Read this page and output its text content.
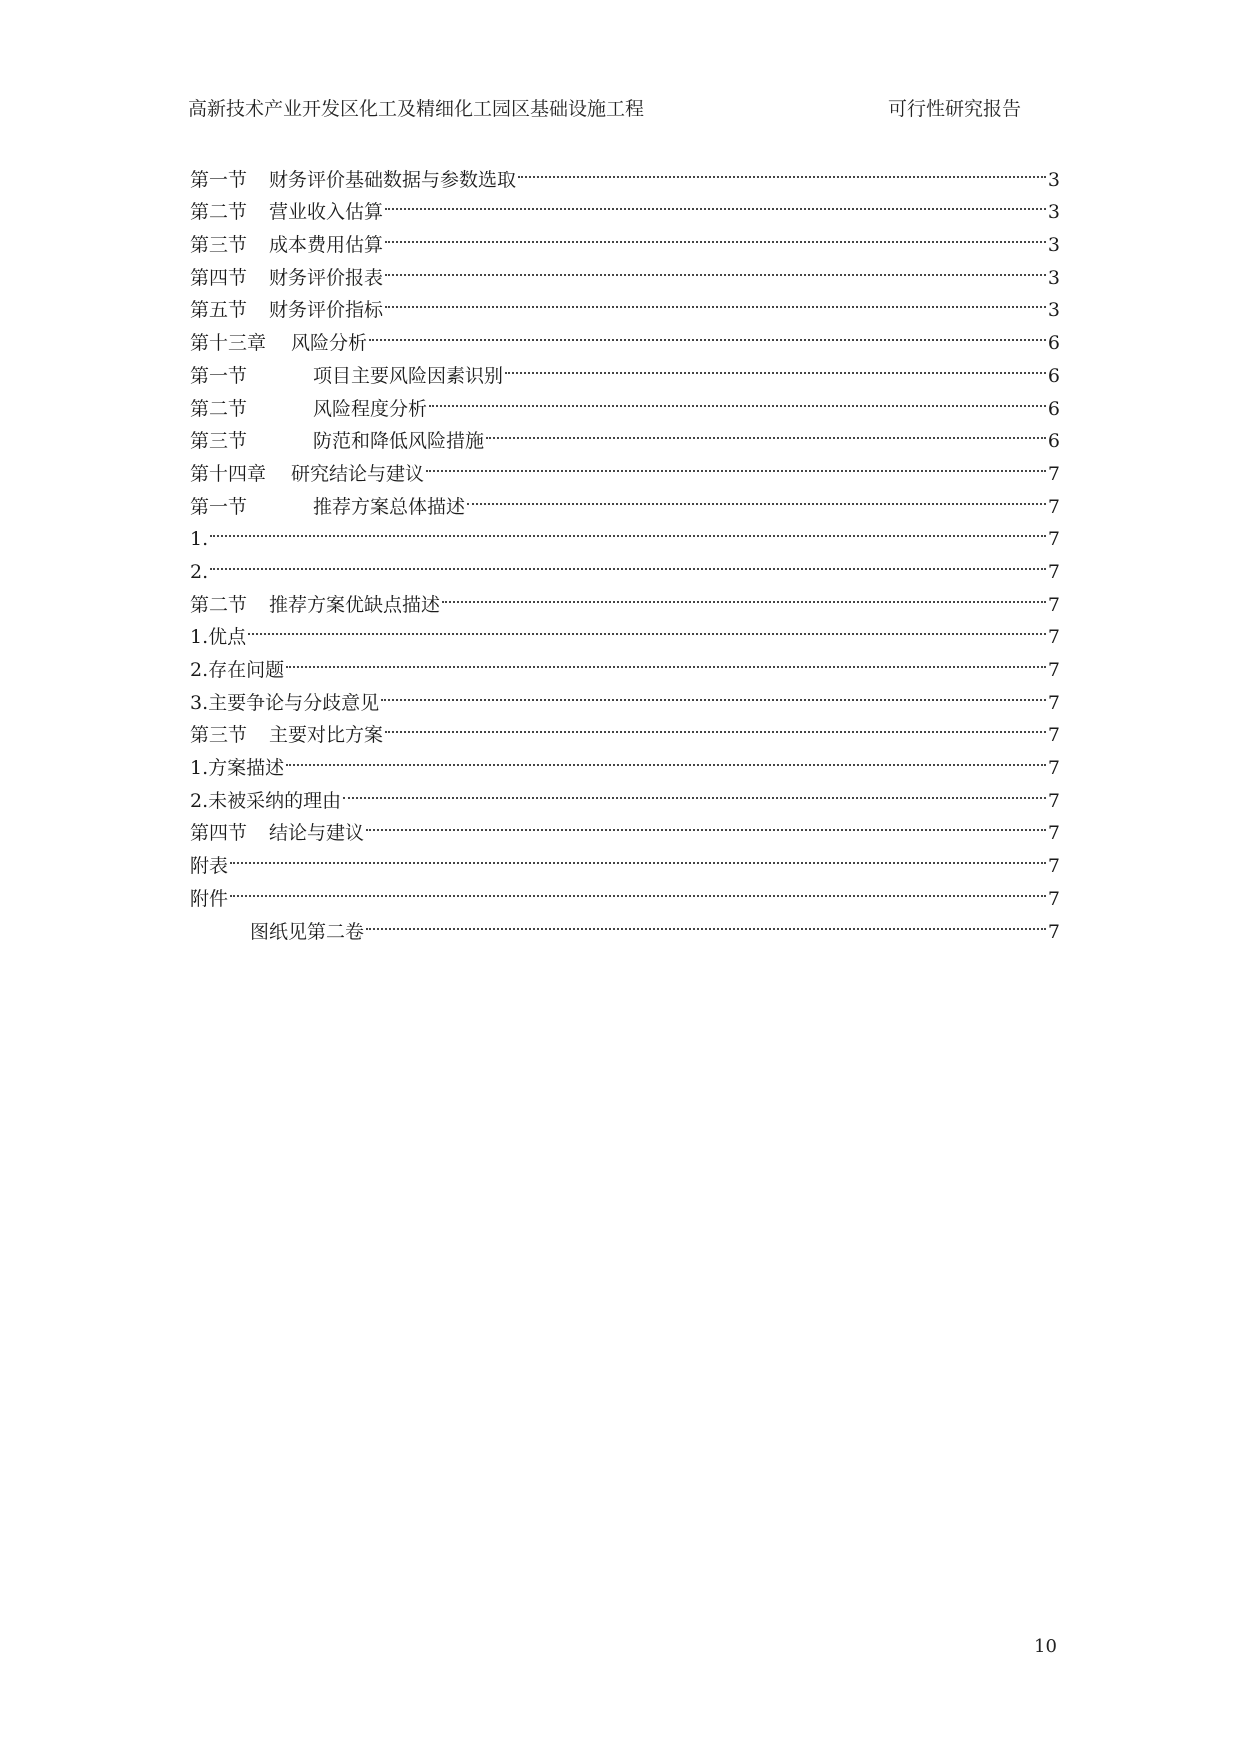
高新技术产业开发区化工及精细化工园区基础设施工程	可行性研究报告
第一节 财务评价基础数据与参数选取	3
第二节 营业收入估算	3
第三节 成本费用估算	3
第四节 财务评价报表	3
第五节 财务评价指标	3
第十三章 风险分析	6
第一节	项目主要风险因素识别	6
第二节	风险程度分析	6
第三节	防范和降低风险措施	6
第十四章 研究结论与建议	7
第一节	推荐方案总体描述	7
1.	7
2.	7
第二节 推荐方案优缺点描述	7
1.优点	7
2.存在问题	7
3.主要争论与分歧意见	7
第三节 主要对比方案	7
1.方案描述	7
2.未被采纳的理由	7
第四节 结论与建议	7
附表	7
附件	7
图纸见第二卷	7
10
